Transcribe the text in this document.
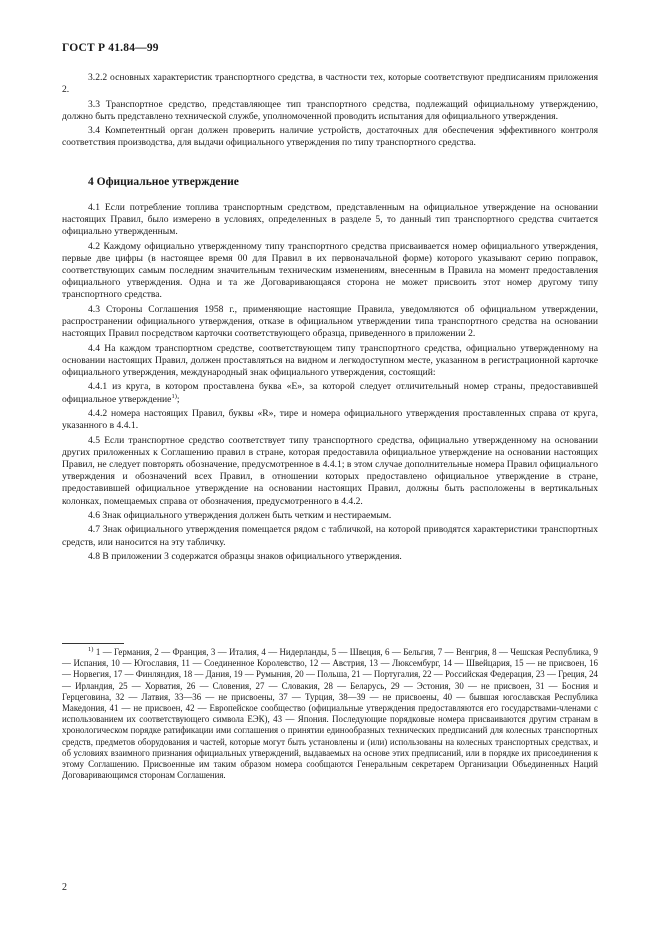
ГОСТ Р 41.84—99

3.2.2 основных характеристик транспортного средства, в частности тех, которые соответствуют предписаниям приложения 2.

3.3 Транспортное средство, представляющее тип транспортного средства, подлежащий официальному утверждению, должно быть представлено технической службе, уполномоченной проводить испытания для официального утверждения.

3.4 Компетентный орган должен проверить наличие устройств, достаточных для обеспечения эффективного контроля соответствия производства, для выдачи официального утверждения по типу транспортного средства.

4 Официальное утверждение

4.1 Если потребление топлива транспортным средством, представленным на официальное утверждение на основании настоящих Правил, было измерено в условиях, определенных в разделе 5, то данный тип транспортного средства считается официально утвержденным.

4.2 Каждому официально утвержденному типу транспортного средства присваивается номер официального утверждения, первые две цифры (в настоящее время 00 для Правил в их первоначальной форме) которого указывают серию поправок, соответствующих самым последним значительным техническим изменениям, внесенным в Правила на момент предоставления официального утверждения. Одна и та же Договаривающаяся сторона не может присвоить этот номер другому типу транспортного средства.

4.3 Стороны Соглашения 1958 г., применяющие настоящие Правила, уведомляются об официальном утверждении, распространении официального утверждения, отказе в официальном утверждении типа транспортного средства на основании настоящих Правил посредством карточки соответствующего образца, приведенного в приложении 2.

4.4 На каждом транспортном средстве, соответствующем типу транспортного средства, официально утвержденному на основании настоящих Правил, должен проставляться на видном и легкодоступном месте, указанном в регистрационной карточке официального утверждения, международный знак официального утверждения, состоящий:

4.4.1 из круга, в котором проставлена буква «Е», за которой следует отличительный номер страны, предоставившей официальное утверждение$^{1)}$;

4.4.2 номера настоящих Правил, буквы «R», тире и номера официального утверждения проставленных справа от круга, указанного в 4.4.1.

4.5 Если транспортное средство соответствует типу транспортного средства, официально утвержденному на основании других приложенных к Соглашению правил в стране, которая предоставила официальное утверждение на основании настоящих Правил, не следует повторять обозначение, предусмотренное в 4.4.1; в этом случае дополнительные номера Правил официального утверждения и обозначений всех Правил, в отношении которых предоставлено официальное утверждение в стране, предоставившей официальное утверждение на основании настоящих Правил, должны быть расположены в вертикальных колонках, помещаемых справа от обозначения, предусмотренного в 4.4.2.

4.6 Знак официального утверждения должен быть четким и нестираемым.

4.7 Знак официального утверждения помещается рядом с табличкой, на которой приводятся характеристики транспортных средств, или наносится на эту табличку.

4.8 В приложении 3 содержатся образцы знаков официального утверждения.

$^{1)}$ 1 — Германия, 2 — Франция, 3 — Италия, 4 — Нидерланды, 5 — Швеция, 6 — Бельгия, 7 — Венгрия, 8 — Чешская Республика, 9 — Испания, 10 — Югославия, 11 — Соединенное Королевство, 12 — Австрия, 13 — Люксембург, 14 — Швейцария, 15 — не присвоен, 16 — Норвегия, 17 — Финляндия, 18 — Дания, 19 — Румыния, 20 — Польша, 21 — Португалия, 22 — Российская Федерация, 23 — Греция, 24 — Ирландия, 25 — Хорватия, 26 — Словения, 27 — Словакия, 28 — Беларусь, 29 — Эстония, 30 — не присвоен, 31 — Босния и Герцеговина, 32 — Латвия, 33—36 — не присвоены, 37 — Турция, 38—39 — не присвоены, 40 — бывшая югославская Республика Македония, 41 — не присвоен, 42 — Европейское сообщество (официальные утверждения предоставляются его государствами-членами с использованием их соответствующего символа ЕЭК), 43 — Япония. Последующие порядковые номера присваиваются другим странам в хронологическом порядке ратификации ими соглашения о принятии единообразных технических предписаний для колесных транспортных средств, предметов оборудования и частей, которые могут быть установлены и (или) использованы на колесных транспортных средствах, и об условиях взаимного признания официальных утверждений, выдаваемых на основе этих предписаний, или в порядке их присоединения к этому Соглашению. Присвоенные им таким образом номера сообщаются Генеральным секретарем Организации Объединенных Наций Договаривающимся сторонам Соглашения.

2
